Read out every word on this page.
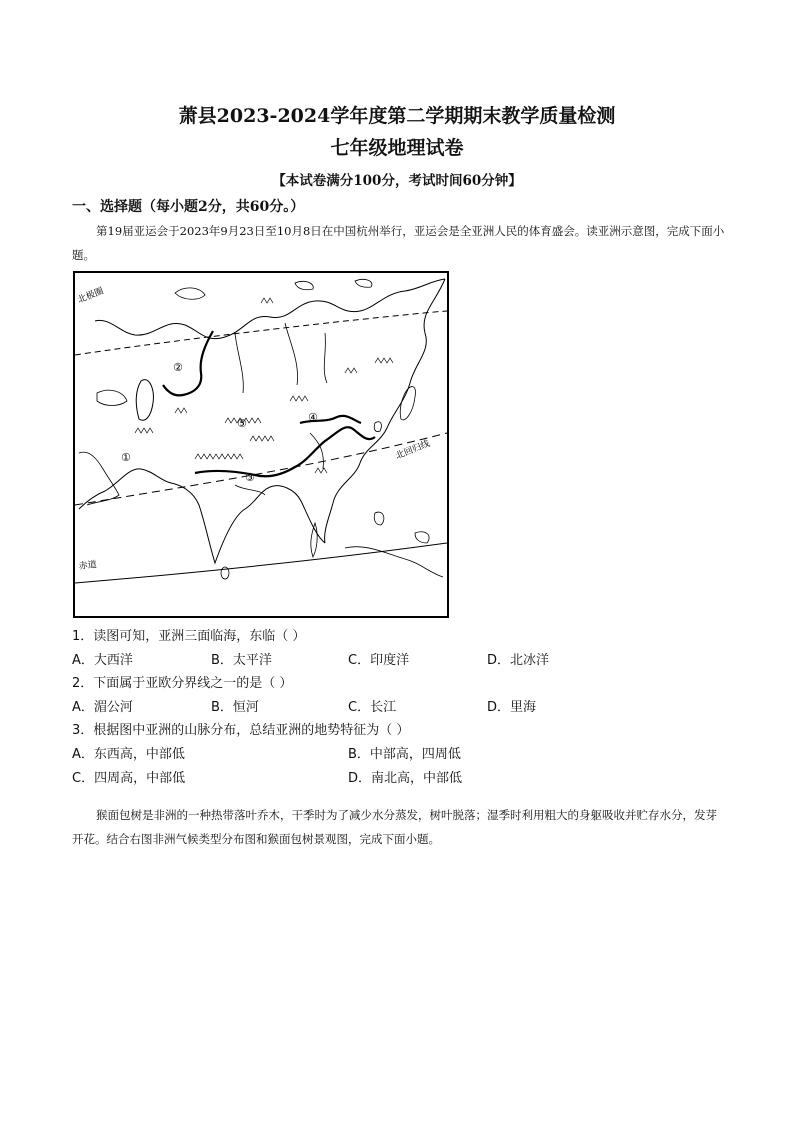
萧县2023-2024学年度第二学期期末教学质量检测
七年级地理试卷
【本试卷满分100分，考试时间60分钟】
一、选择题（每小题2分，共60分。）
第19届亚运会于2023年9月23日至10月8日在中国杭州举行，亚运会是全亚洲人民的体育盛会。读亚洲示意图，完成下面小题。
北极圈
北回归线
赤道
①
②
③
④
⑤
1．读图可知，亚洲三面临海，东临（ ）
A．大西洋	B．太平洋	C．印度洋	D．北冰洋
2．下面属于亚欧分界线之一的是（ ）
A．湄公河	B．恒河	C．长江	D．里海
3．根据图中亚洲的山脉分布，总结亚洲的地势特征为（ ）
A．东西高，中部低	B．中部高，四周低
C．四周高，中部低	D．南北高，中部低
猴面包树是非洲的一种热带落叶乔木，干季时为了减少水分蒸发，树叶脱落；湿季时利用粗大的身躯吸收并贮存水分，发芽开花。结合右图非洲气候类型分布图和猴面包树景观图，完成下面小题。
